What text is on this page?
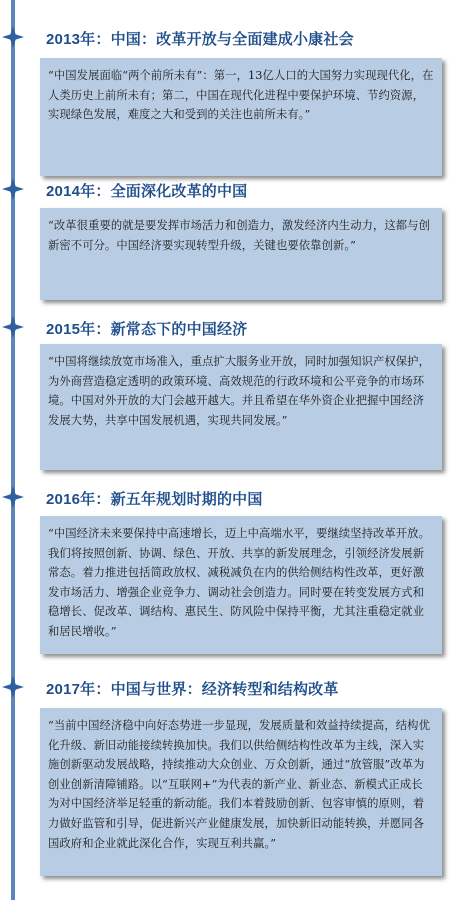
2013年：中国：改革开放与全面建成小康社会

“中国发展面临“两个前所未有”：第一，13亿人口的大国努力实现现代化，在人类历史上前所未有；第二，中国在现代化进程中要保护环境、节约资源，实现绿色发展，难度之大和受到的关注也前所未有。”

2014年：全面深化改革的中国

“改革很重要的就是要发挥市场活力和创造力，激发经济内生动力，这都与创新密不可分。中国经济要实现转型升级，关键也要依靠创新。”

2015年：新常态下的中国经济

“中国将继续放宽市场准入，重点扩大服务业开放，同时加强知识产权保护，为外商营造稳定透明的政策环境、高效规范的行政环境和公平竞争的市场环境。中国对外开放的大门会越开越大。并且希望在华外资企业把握中国经济发展大势，共享中国发展机遇，实现共同发展。”

2016年：新五年规划时期的中国

“中国经济未来要保持中高速增长，迈上中高端水平，要继续坚持改革开放。我们将按照创新、协调、绿色、开放、共享的新发展理念，引领经济发展新常态。着力推进包括简政放权、减税减负在内的供给侧结构性改革，更好激发市场活力、增强企业竞争力、调动社会创造力。同时要在转变发展方式和稳增长、促改革、调结构、惠民生、防风险中保持平衡，尤其注重稳定就业和居民增收。”

2017年：中国与世界：经济转型和结构改革

“当前中国经济稳中向好态势进一步显现，发展质量和效益持续提高，结构优化升级、新旧动能接续转换加快。我们以供给侧结构性改革为主线，深入实施创新驱动发展战略，持续推动大众创业、万众创新，通过“放管服”改革为创业创新清障铺路。以“互联网+”为代表的新产业、新业态、新模式正成长为对中国经济举足轻重的新动能。我们本着鼓励创新、包容审慎的原则，着力做好监管和引导，促进新兴产业健康发展，加快新旧动能转换，并愿同各国政府和企业就此深化合作，实现互利共赢。”
